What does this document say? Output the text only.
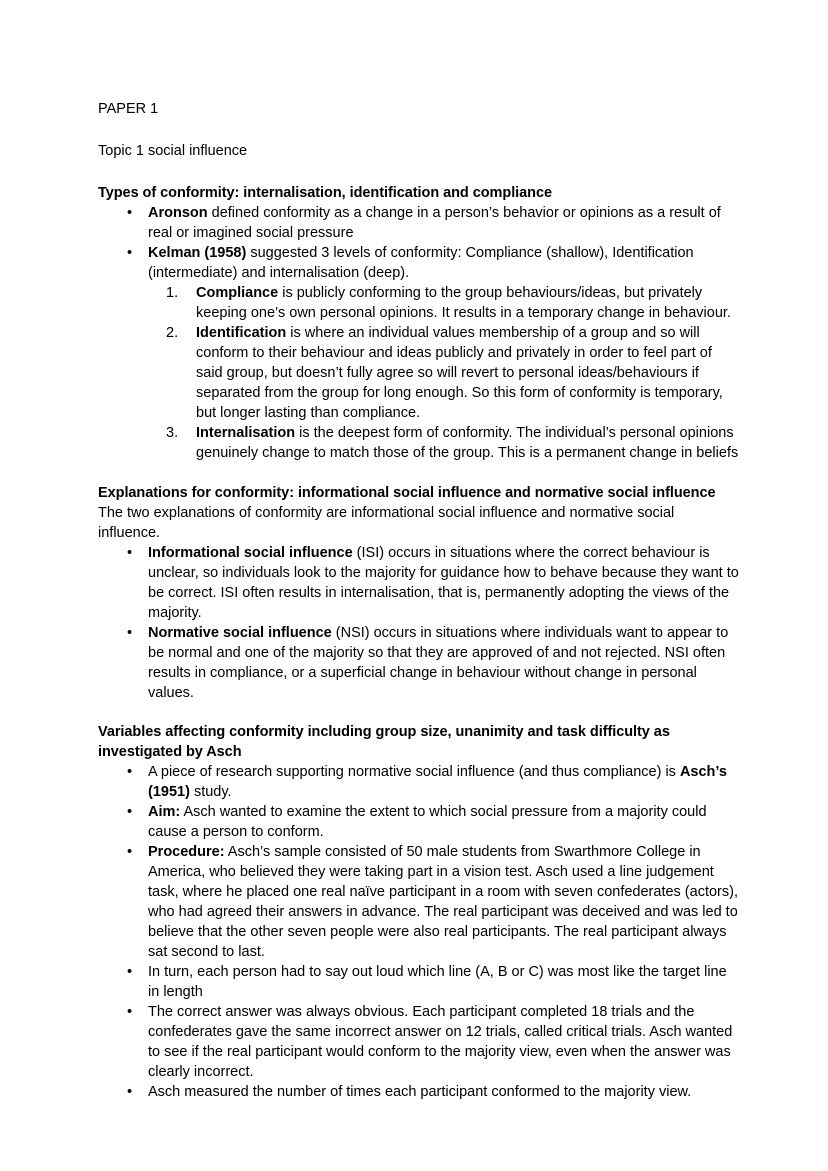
PAPER 1

Topic 1 social influence

Types of conformity: internalisation, identification and compliance

• Aronson defined conformity as a change in a person’s behavior or opinions as a result of real or imagined social pressure
• Kelman (1958) suggested 3 levels of conformity: Compliance (shallow), Identification (intermediate) and internalisation (deep).
1. Compliance is publicly conforming to the group behaviours/ideas, but privately keeping one’s own personal opinions. It results in a temporary change in behaviour.
2. Identification is where an individual values membership of a group and so will conform to their behaviour and ideas publicly and privately in order to feel part of said group, but doesn’t fully agree so will revert to personal ideas/behaviours if separated from the group for long enough. So this form of conformity is temporary, but longer lasting than compliance.
3. Internalisation is the deepest form of conformity. The individual’s personal opinions genuinely change to match those of the group. This is a permanent change in beliefs

Explanations for conformity: informational social influence and normative social influence

The two explanations of conformity are informational social influence and normative social influence.

• Informational social influence (ISI) occurs in situations where the correct behaviour is unclear, so individuals look to the majority for guidance how to behave because they want to be correct. ISI often results in internalisation, that is, permanently adopting the views of the majority.
• Normative social influence (NSI) occurs in situations where individuals want to appear to be normal and one of the majority so that they are approved of and not rejected. NSI often results in compliance, or a superficial change in behaviour without change in personal values.

Variables affecting conformity including group size, unanimity and task difficulty as investigated by Asch

• A piece of research supporting normative social influence (and thus compliance) is Asch’s (1951) study.
• Aim: Asch wanted to examine the extent to which social pressure from a majority could cause a person to conform.
• Procedure: Asch’s sample consisted of 50 male students from Swarthmore College in America, who believed they were taking part in a vision test. Asch used a line judgement task, where he placed one real naïve participant in a room with seven confederates (actors), who had agreed their answers in advance. The real participant was deceived and was led to believe that the other seven people were also real participants. The real participant always sat second to last.
• In turn, each person had to say out loud which line (A, B or C) was most like the target line in length
• The correct answer was always obvious. Each participant completed 18 trials and the confederates gave the same incorrect answer on 12 trials, called critical trials. Asch wanted to see if the real participant would conform to the majority view, even when the answer was clearly incorrect.
• Asch measured the number of times each participant conformed to the majority view.
